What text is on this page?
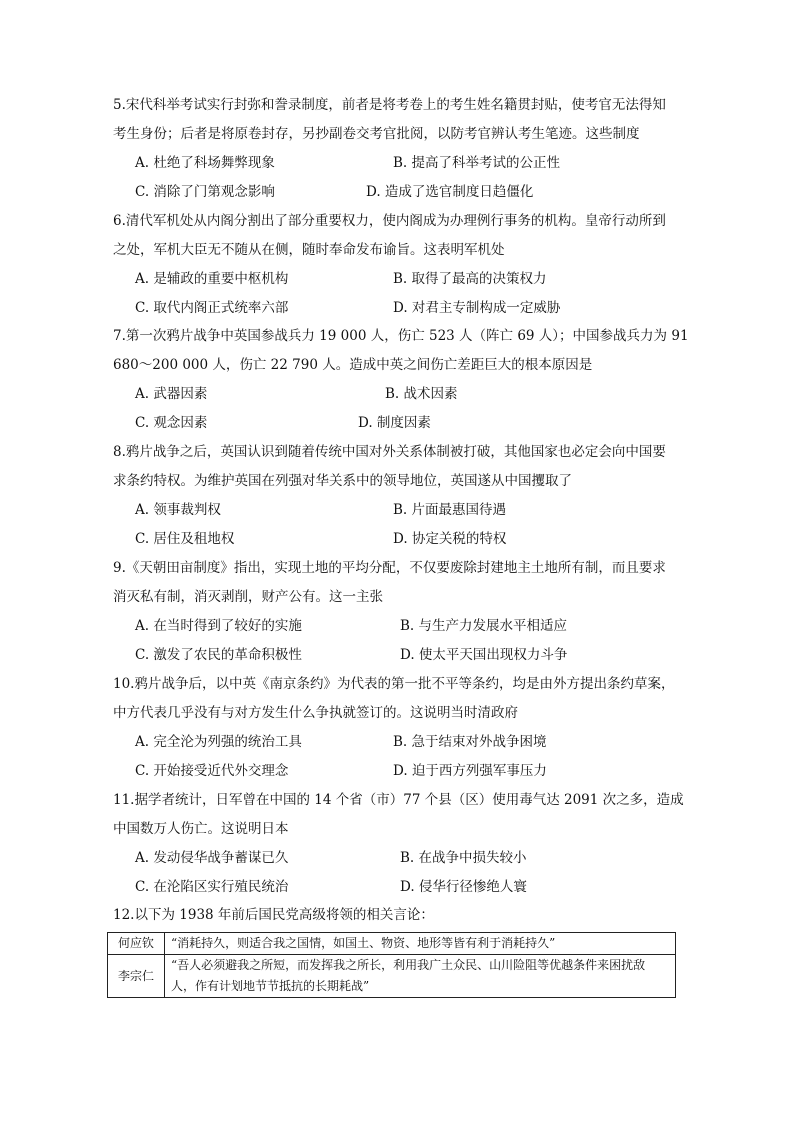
5.宋代科举考试实行封弥和誊录制度，前者是将考卷上的考生姓名籍贯封贴，使考官无法得知
考生身份；后者是将原卷封存，另抄副卷交考官批阅，以防考官辨认考生笔迹。这些制度
A. 杜绝了科场舞弊现象	B. 提高了科举考试的公正性
C. 消除了门第观念影响	D. 造成了选官制度日趋僵化
6.清代军机处从内阁分割出了部分重要权力，使内阁成为办理例行事务的机构。皇帝行动所到
之处，军机大臣无不随从在侧，随时奉命发布谕旨。这表明军机处
A. 是辅政的重要中枢机构	B. 取得了最高的决策权力
C. 取代内阁正式统率六部	D. 对君主专制构成一定威胁
7.第一次鸦片战争中英国参战兵力 19 000 人，伤亡 523 人（阵亡 69 人）；中国参战兵力为 91
680～200 000 人，伤亡 22 790 人。造成中英之间伤亡差距巨大的根本原因是
A. 武器因素	B. 战术因素
C. 观念因素	D. 制度因素
8.鸦片战争之后，英国认识到随着传统中国对外关系体制被打破，其他国家也必定会向中国要
求条约特权。为维护英国在列强对华关系中的领导地位，英国遂从中国攫取了
A. 领事裁判权	B. 片面最惠国待遇
C. 居住及租地权	D. 协定关税的特权
9.《天朝田亩制度》指出，实现土地的平均分配，不仅要废除封建地主土地所有制，而且要求
消灭私有制，消灭剥削，财产公有。这一主张
A. 在当时得到了较好的实施	B. 与生产力发展水平相适应
C. 激发了农民的革命积极性	D. 使太平天国出现权力斗争
10.鸦片战争后，以中英《南京条约》为代表的第一批不平等条约，均是由外方提出条约草案，
中方代表几乎没有与对方发生什么争执就签订的。这说明当时清政府
A. 完全沦为列强的统治工具	B. 急于结束对外战争困境
C. 开始接受近代外交理念	D. 迫于西方列强军事压力
11.据学者统计，日军曾在中国的 14 个省（市）77 个县（区）使用毒气达 2091 次之多，造成
中国数万人伤亡。这说明日本
A. 发动侵华战争蓄谋已久	B. 在战争中损失较小
C. 在沦陷区实行殖民统治	D. 侵华行径惨绝人寰
12.以下为 1938 年前后国民党高级将领的相关言论：
何应钦	“消耗持久，则适合我之国情，如国土、物资、地形等皆有利于消耗持久”
李宗仁	“吾人必须避我之所短，而发挥我之所长，利用我广土众民、山川险阻等优越条件来困扰敌人，作有计划地节节抵抗的长期耗战”
